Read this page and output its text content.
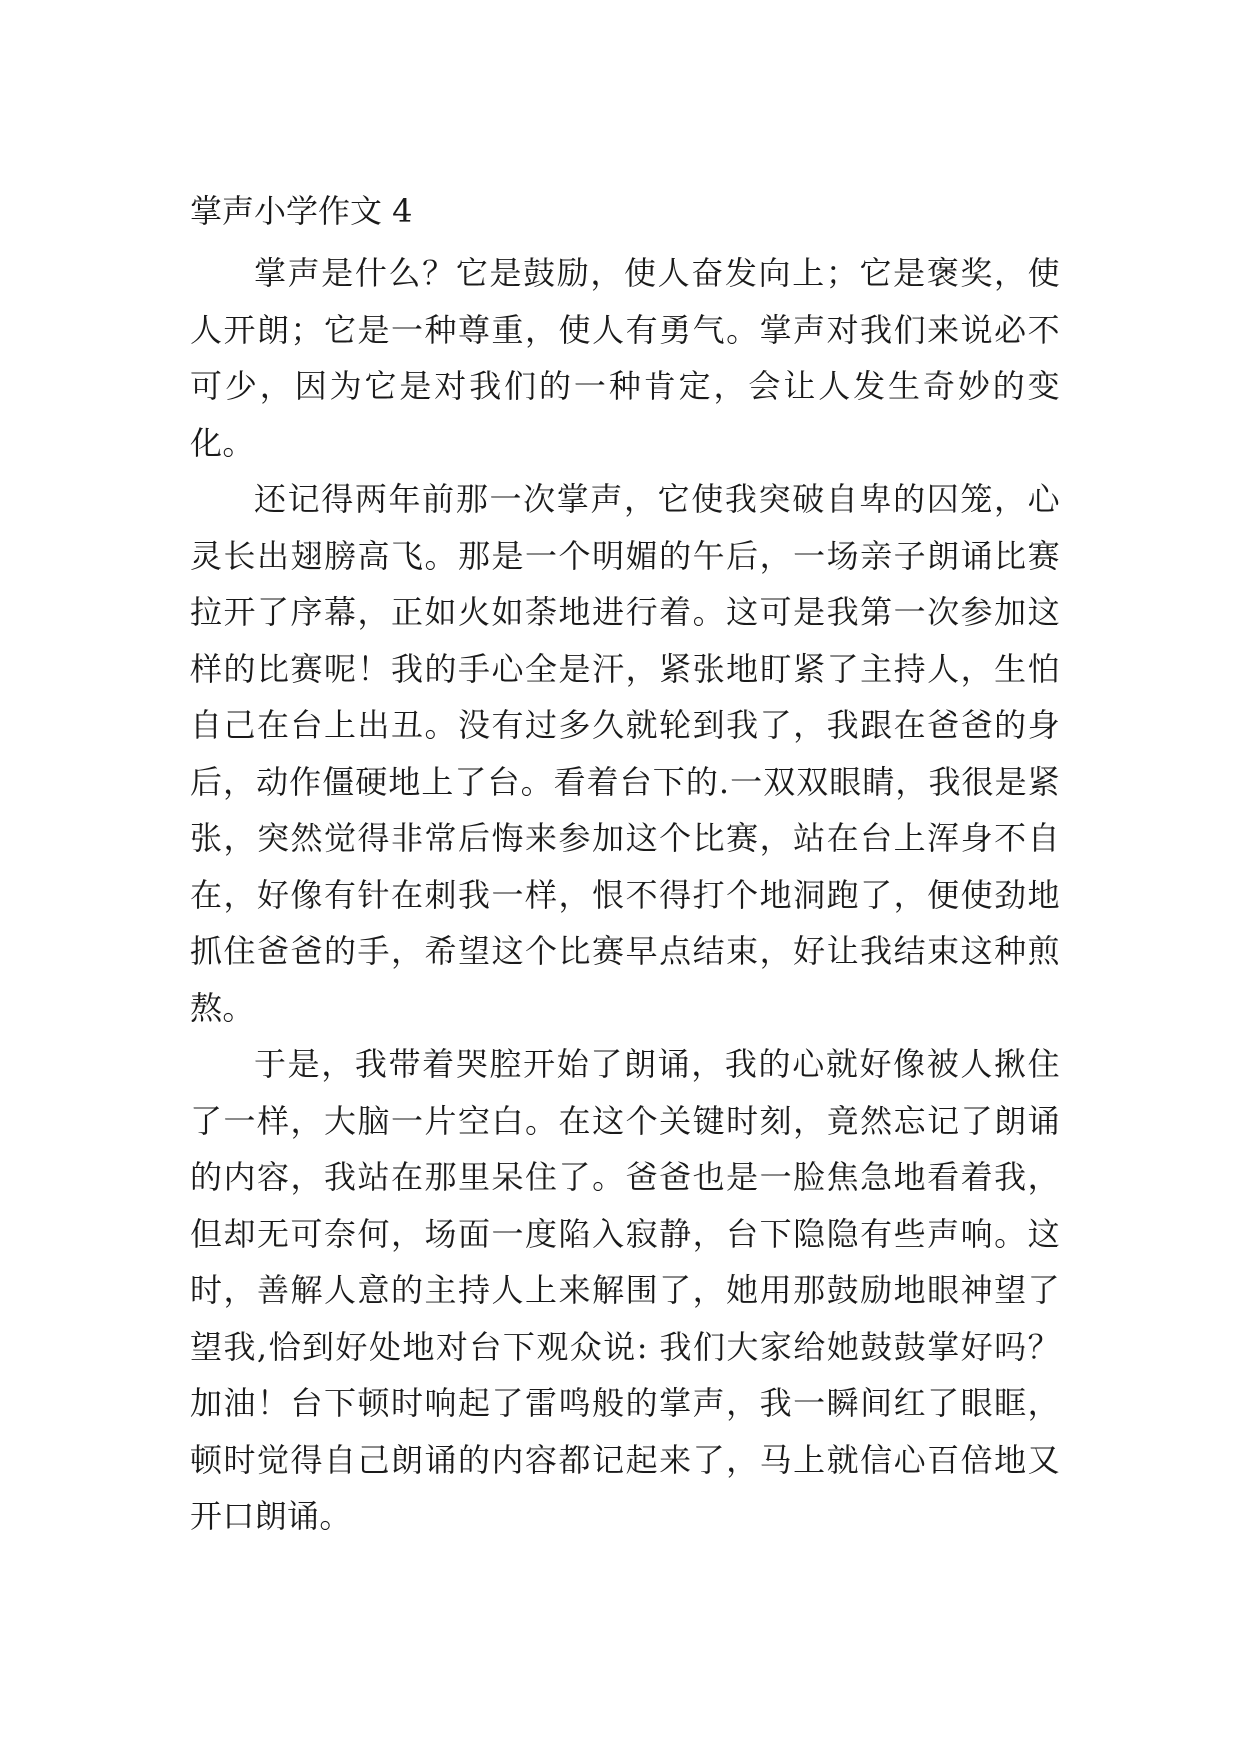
掌声小学作文 4

掌声是什么？它是鼓励，使人奋发向上；它是褒奖，使人开朗；它是一种尊重，使人有勇气。掌声对我们来说必不可少，因为它是对我们的一种肯定，会让人发生奇妙的变化。

还记得两年前那一次掌声，它使我突破自卑的囚笼，心灵长出翅膀高飞。那是一个明媚的午后，一场亲子朗诵比赛拉开了序幕，正如火如荼地进行着。这可是我第一次参加这样的比赛呢！我的手心全是汗，紧张地盯紧了主持人，生怕自己在台上出丑。没有过多久就轮到我了，我跟在爸爸的身后，动作僵硬地上了台。看着台下的.一双双眼睛，我很是紧张，突然觉得非常后悔来参加这个比赛，站在台上浑身不自在，好像有针在刺我一样，恨不得打个地洞跑了，便使劲地抓住爸爸的手，希望这个比赛早点结束，好让我结束这种煎熬。

于是，我带着哭腔开始了朗诵，我的心就好像被人揪住了一样，大脑一片空白。在这个关键时刻，竟然忘记了朗诵的内容，我站在那里呆住了。爸爸也是一脸焦急地看着我，但却无可奈何，场面一度陷入寂静，台下隐隐有些声响。这时，善解人意的主持人上来解围了，她用那鼓励地眼神望了望我,恰到好处地对台下观众说: 我们大家给她鼓鼓掌好吗？加油！台下顿时响起了雷鸣般的掌声，我一瞬间红了眼眶，顿时觉得自己朗诵的内容都记起来了，马上就信心百倍地又开口朗诵。
